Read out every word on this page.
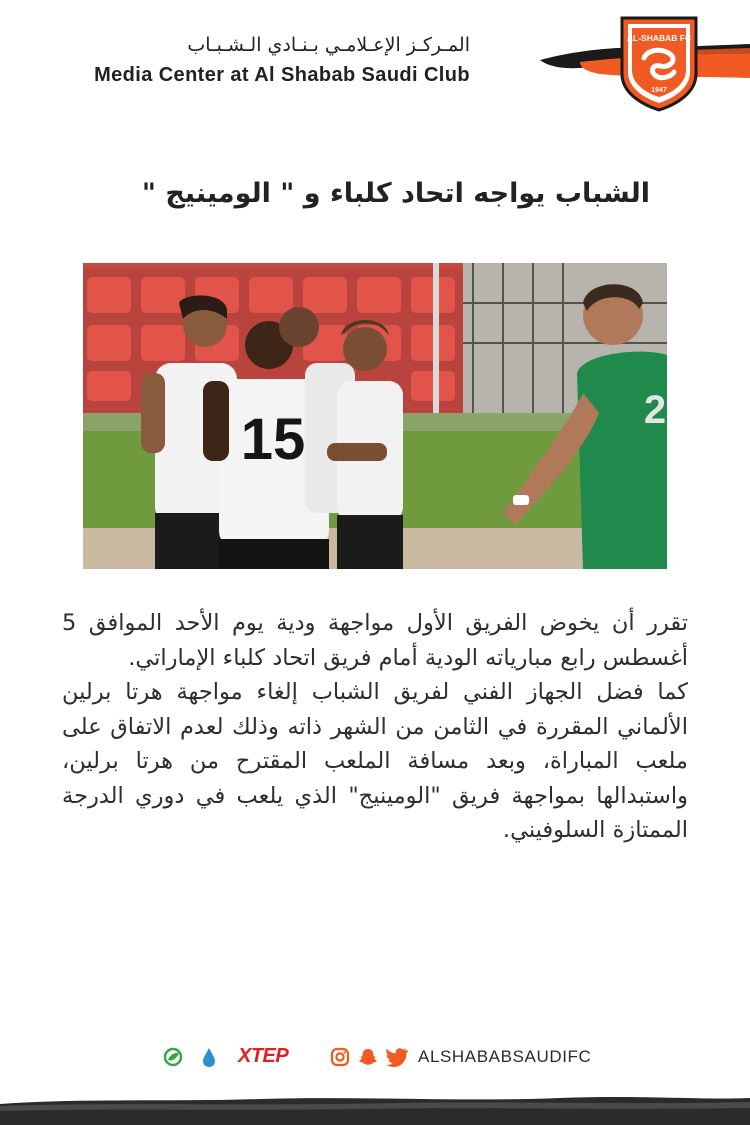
AL-SHABAB FC
1947
المـركـز الإعـلامـي بـنـادي الـشـبـاب
Media Center at Al Shabab Saudi Club
الشباب يواجه اتحاد كلباء و " الومينيج "
15	2

تقرر أن يخوض الفريق الأول مواجهة ودية يوم الأحد الموافق 5 أغسطس رابع مبارياته الودية أمام فريق اتحاد كلباء الإماراتي.

كما فضل الجهاز الفني لفريق الشباب إلغاء مواجهة هرتا برلين الألماني المقررة في الثامن من الشهر ذاته وذلك لعدم الاتفاق على ملعب المباراة، وبعد مسافة الملعب المقترح من هرتا برلين، واستبدالها بمواجهة فريق "الومينيج" الذي يلعب في دوري الدرجة الممتازة السلوفيني.

XTEP	ALSHABABSAUDIFC
